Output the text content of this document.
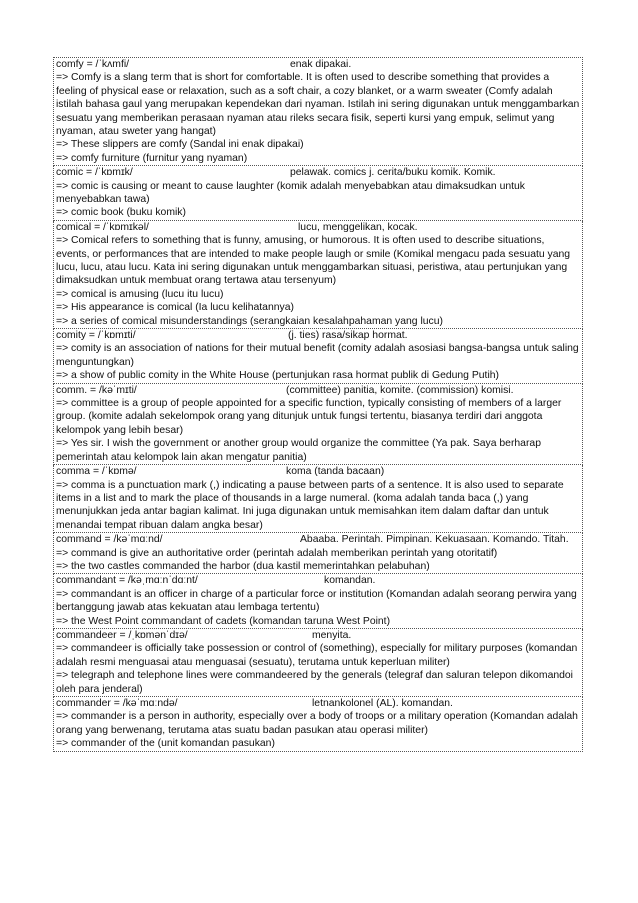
comfy = /ˈkʌmfi/	enak dipakai.
=> Comfy is a slang term that is short for comfortable. It is often used to describe something that provides a feeling of physical ease or relaxation, such as a soft chair, a cozy blanket, or a warm sweater (Comfy adalah istilah bahasa gaul yang merupakan kependekan dari nyaman. Istilah ini sering digunakan untuk menggambarkan sesuatu yang memberikan perasaan nyaman atau rileks secara fisik, seperti kursi yang empuk, selimut yang nyaman, atau sweter yang hangat)
=> These slippers are comfy (Sandal ini enak dipakai)
=> comfy furniture (furnitur yang nyaman)
comic = /ˈkɒmɪk/	pelawak. comics j. cerita/buku komik. Komik.
=> comic is causing or meant to cause laughter (komik adalah menyebabkan atau dimaksudkan untuk menyebabkan tawa)
=> comic book (buku komik)
comical = /ˈkɒmɪkəl/	lucu, menggelikan, kocak.
=> Comical refers to something that is funny, amusing, or humorous. It is often used to describe situations, events, or performances that are intended to make people laugh or smile (Komikal mengacu pada sesuatu yang lucu, lucu, atau lucu. Kata ini sering digunakan untuk menggambarkan situasi, peristiwa, atau pertunjukan yang dimaksudkan untuk membuat orang tertawa atau tersenyum)
=> comical is amusing (lucu itu lucu)
=> His appearance is comical (Ia lucu kelihatannya)
=> a series of comical misunderstandings (serangkaian kesalahpahaman yang lucu)
comity = /ˈkɒmɪti/	(j. ties) rasa/sikap hormat.
=> comity is an association of nations for their mutual benefit (comity adalah asosiasi bangsa-bangsa untuk saling menguntungkan)
=> a show of public comity in the White House (pertunjukan rasa hormat publik di Gedung Putih)
comm. = /kəˈmɪti/	(committee) panitia, komite. (commission) komisi.
=> committee is a group of people appointed for a specific function, typically consisting of members of a larger group. (komite adalah sekelompok orang yang ditunjuk untuk fungsi tertentu, biasanya terdiri dari anggota kelompok yang lebih besar)
=> Yes sir. I wish the government or another group would organize the committee (Ya pak. Saya berharap pemerintah atau kelompok lain akan mengatur panitia)
comma = /ˈkɒmə/	koma (tanda bacaan)
=> comma is a punctuation mark (,) indicating a pause between parts of a sentence. It is also used to separate items in a list and to mark the place of thousands in a large numeral. (koma adalah tanda baca (,) yang menunjukkan jeda antar bagian kalimat. Ini juga digunakan untuk memisahkan item dalam daftar dan untuk menandai tempat ribuan dalam angka besar)
command = /kəˈmɑːnd/	Abaaba. Perintah. Pimpinan. Kekuasaan. Komando. Titah.
=> command is give an authoritative order (perintah adalah memberikan perintah yang otoritatif)
=> the two castles commanded the harbor (dua kastil memerintahkan pelabuhan)
commandant = /kəˌmɑːnˈdɑːnt/	komandan.
=> commandant is an officer in charge of a particular force or institution (Komandan adalah seorang perwira yang bertanggung jawab atas kekuatan atau lembaga tertentu)
=> the West Point commandant of cadets (komandan taruna West Point)
commandeer = /ˌkɒmənˈdɪə/	menyita.
=> commandeer is officially take possession or control of (something), especially for military purposes (komandan adalah resmi menguasai atau menguasai (sesuatu), terutama untuk keperluan militer)
=> telegraph and telephone lines were commandeered by the generals (telegraf dan saluran telepon dikomandoi oleh para jenderal)
commander = /kəˈmɑːndə/	letnankolonel (AL). komandan.
=> commander is a person in authority, especially over a body of troops or a military operation (Komandan adalah orang yang berwenang, terutama atas suatu badan pasukan atau operasi militer)
=> commander of the (unit komandan pasukan)
